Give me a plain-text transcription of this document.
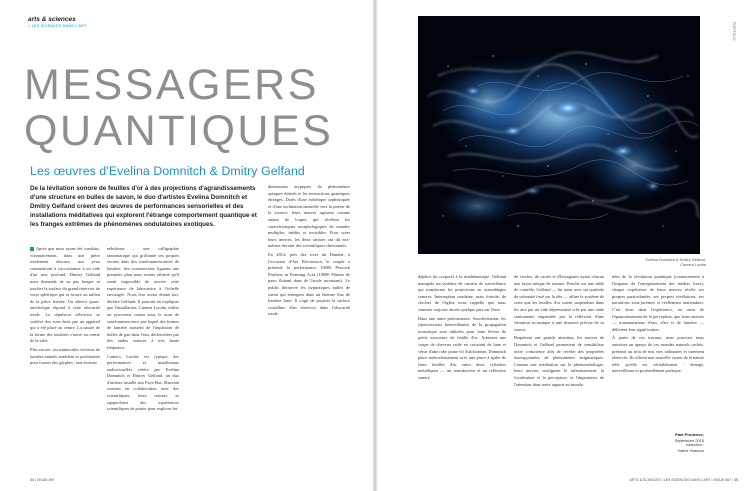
arts & sciences
> LES SCIENCES DANS L'ART
MESSAGERS
QUANTIQUES
Les œuvres d'Evelina Domnitch & Dmitry Gelfand
De la lévitation sonore de feuilles d'or à des projections d'agrandissements d'une structure en bulles de savon, le duo d'artistes Evelina Domnitch et Dmitry Gelfand créent des œuvres de performances sensorielles et des installations méditatives qui explorent l'étrange comportement quantique et les franges extrêmes de phénomènes ondulatoires exotiques.

Après que nous ayons été conduits, volontairement, dans une pièce totalement obscure, nos yeux commencent à s'accoutumer à un vide d'un noir profond. Dmitry Gelfand nous demande de ne pas bouger ni toucher la surface du grand réservoir de verre sphérique qui se trouve au milieu de la pièce fermée. Un silence quasi-anechoïque répond à cette obscurité totale. La répulsion sélectrice se soulève des sons émis par un appareil qui a été placé au centre. La nature de la forme des tonalités s'ancre au centre de la salle.

Plus encore, ces minuscules vecteurs de lumière animés semblent se positionner pour former des glyphes ; une écriture

nébuleuse ; une calligraphie fantomatique qui griffonne ses propres secrets dans des sonoluminescences de lumière. Ses constructions figurent une première plan nous avions affirmé qu'il serait impossible de recréer cette expérience de laboratoire à l'échelle envisagée. Nous leur avons donné tort, déclare Gelfand. Il pourrait en expliquer que l'installation, Camera Lucida, utilise un processus connu sous le nom de sonoluminescence par lequel des formes de lumière naissent de l'implosion de bulles de gaz dans l'eau, déclenchées par des ondes sonores à très haute fréquence.

Camera Lucida est typique des performances et installations audiovisuelles créées par Evelina Domnitch et Dmitry Gelfand, un duo d'artistes installé aux Pays-Bas. Œuvrant souvent en collaboration avec des scientifiques, leurs travaux se rapprochent des expériences scientifiques de pointe pour explorer les

dimensions atypiques de phénomènes optiques éthérés et les interactions quantiques étranges. Dotés d'une esthétique sophistiquée et d'une inclination naturelle vers la poésie de la science, leurs œuvres agissent comme autant de loupes qui révèlent les caractéristiques morphologiques de mondes multiples, inédits et invisibles. Pour créer leurs œuvres, les deux artistes ont dû eux-mêmes devenir des scientifiques chevronnés.

En 2014, près des rives du Danube, à l'occasion d'Ars Electronica, le couple a présenté la performance 10000 Peacock Feathers in Foaming Acid (10000 Plumes de paon flottant dans de l'acide moussant). Le public découvre les hypnotiques bulles de savon qui émergent dans un énorme flux de lumière laser. Il s'agit de projeter la surface cristalline d'un réservoir dans l'obscurité totale.

34 • ISSUE #87
PORTFOLIO
Evelina Domnitch & Dmitry Gelfand,
Camera Lucida

déplace du corporel à la mathématique. Gelfand manipule un système de caméra de surveillance qui transforme les projections en assemblages sonores. Interruption soudaine, mais fortuite, de cloches de l'église nous rappelle que nous sommes toujours ancrés quelque part sur Terre.

Dans une autre performance, Sonolevitation, les répercussions bienveillantes de la propagation acoustique sont utilisées pour faire léviter de petits morceaux de feuille d'or. Arborant une coupe de cheveux raide en croissant de lune et vêtue d'une robe jaune vif d'alchimiste, Domnitch place méticuleusement avec une pince à épiler de fines feuilles d'or entre deux cylindres métalliques — un transducteur et un réflecteur sonore.

de cercles, de carrés et d'hexagones ayant chacun une façon unique de tourner. Penché sur une table de contrôle, Gelfand — lui aussi avec un symbole de solennité tissé sur la tête — affine le système de sorte que les feuilles d'or soient suspendues dans les airs par un vide dépressurisé créé par une onde stationnaire engendrée par la réflexion d'une vibration acoustique à une distance précise de sa source.

Requérant une grande attention, les œuvres de Domnitch et Gelfand permettent de sensibiliser notre conscience afin de révéler des propriétés insoupçonnées de phénomènes énigmatiques. Comme une méditation sur la phénoménologie, leurs œuvres soulignent le ralentissement, la focalisation et la perception, et l'importance de l'attention dans notre rapport au monde.

nées de la révolution quantique (contrairement à l'impasse de l'enregistrement des médias fixes), chaque expérience de leurs œuvres révèle ses propres particularités, ses propres révélations, ses narrations sous-jacentes et réellement inattendues. C'est donc dans l'expérience, au cœur de l'épanouissement de la perception, que leurs œuvres — transmutations d'eau, d'air et de lumière — délivrent leur signification.

À partir de ces travaux, nous pouvons nous autoriser un aperçu de ces mondes naturels cachés, présents au sein de nos vies ordinaires et rarement observés. Ils offrent une nouvelle vision de la nature telle qu'elle est véritablement : étrange, merveilleuse et profondément poétique.

Paul Prudence,
Septembre 2015
traduction :
Valérie Vivancos
ARTS & SCIENCES | LES SCIENCES DANS L'ART • ISSUE #87 • 35
